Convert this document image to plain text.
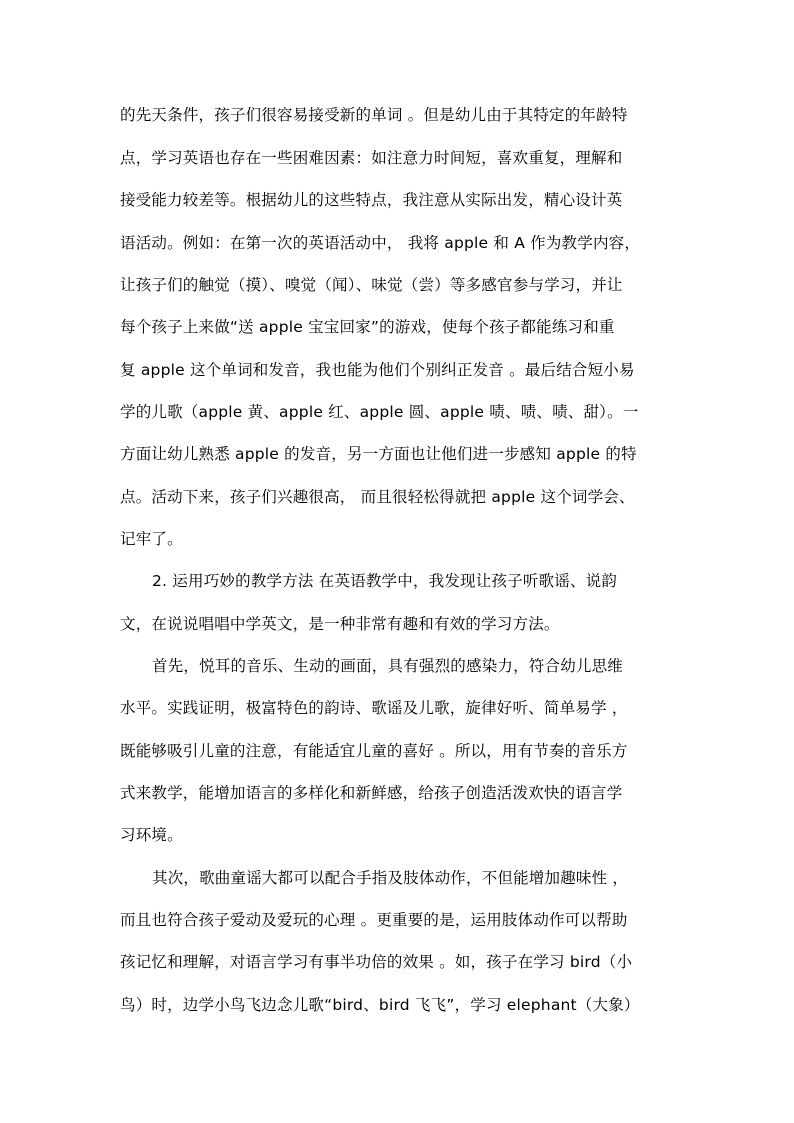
的先天条件，孩子们很容易接受新的单词 。但是幼儿由于其特定的年龄特
点，学习英语也存在一些困难因素：如注意力时间短，喜欢重复，理解和
接受能力较差等。根据幼儿的这些特点，我注意从实际出发，精心设计英
语活动。例如：在第一次的英语活动中， 我将 apple 和 A 作为教学内容，
让孩子们的触觉（摸）、嗅觉（闻）、味觉（尝）等多感官参与学习，并让
每个孩子上来做“送 apple 宝宝回家”的游戏，使每个孩子都能练习和重
复 apple 这个单词和发音，我也能为他们个别纠正发音 。最后结合短小易
学的儿歌（apple 黄、apple 红、apple 圆、apple 啧、啧、啧、甜）。一
方面让幼儿熟悉 apple 的发音，另一方面也让他们进一步感知 apple 的特
点。活动下来，孩子们兴趣很高， 而且很轻松得就把 apple 这个词学会、
记牢了。
2. 运用巧妙的教学方法 在英语教学中，我发现让孩子听歌谣、说韵
文，在说说唱唱中学英文，是一种非常有趣和有效的学习方法。
首先，悦耳的音乐、生动的画面，具有强烈的感染力，符合幼儿思维
水平。实践证明，极富特色的韵诗、歌谣及儿歌，旋律好听、简单易学 ，
既能够吸引儿童的注意，有能适宜儿童的喜好 。所以，用有节奏的音乐方
式来教学，能增加语言的多样化和新鲜感，给孩子创造活泼欢快的语言学
习环境。
其次，歌曲童谣大都可以配合手指及肢体动作，不但能增加趣味性 ，
而且也符合孩子爱动及爱玩的心理 。更重要的是，运用肢体动作可以帮助
孩记忆和理解，对语言学习有事半功倍的效果 。如，孩子在学习 bird（小
鸟）时，边学小鸟飞边念儿歌“bird、bird 飞飞”，学习 elephant（大象）
